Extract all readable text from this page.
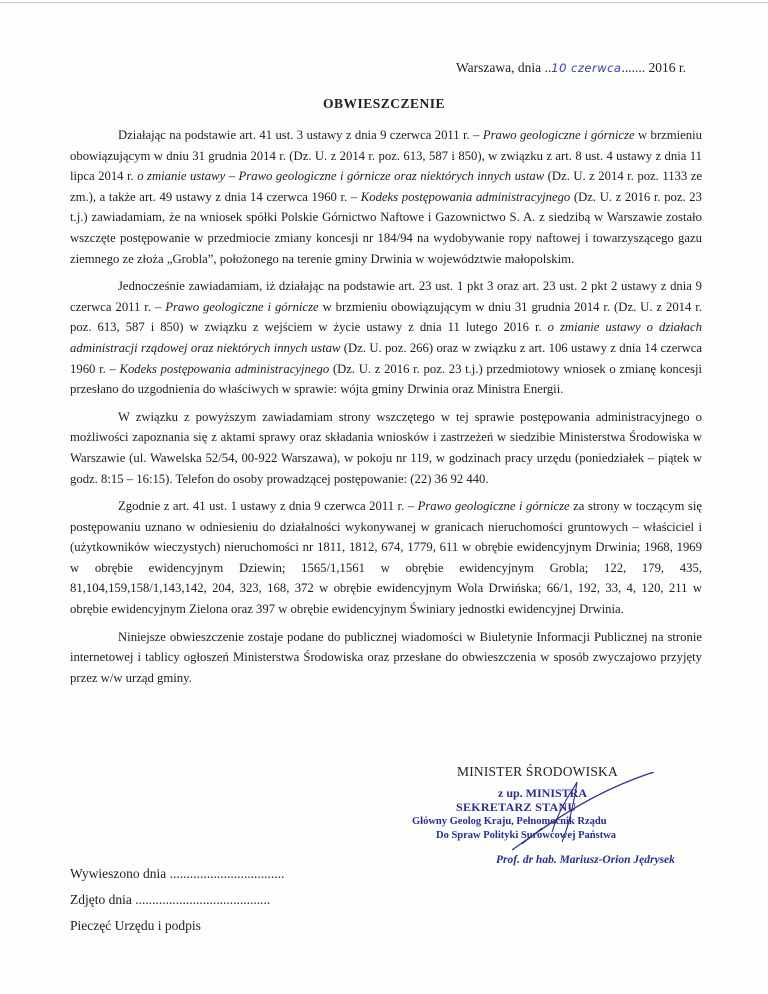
Warszawa, dnia ..10 czerwca....... 2016 r.
OBWIESZCZENIE

Działając na podstawie art. 41 ust. 3 ustawy z dnia 9 czerwca 2011 r. – Prawo geologiczne i górnicze w brzmieniu obowiązującym w dniu 31 grudnia 2014 r. (Dz. U. z 2014 r. poz. 613, 587 i 850), w związku z art. 8 ust. 4 ustawy z dnia 11 lipca 2014 r. o zmianie ustawy – Prawo geologiczne i górnicze oraz niektórych innych ustaw (Dz. U. z 2014 r. poz. 1133 ze zm.), a także art. 49 ustawy z dnia 14 czerwca 1960 r. – Kodeks postępowania administracyjnego (Dz. U. z 2016 r. poz. 23 t.j.) zawiadamiam, że na wniosek spółki Polskie Górnictwo Naftowe i Gazownictwo S. A. z siedzibą w Warszawie zostało wszczęte postępowanie w przedmiocie zmiany koncesji nr 184/94 na wydobywanie ropy naftowej i towarzyszącego gazu ziemnego ze złoża „Grobla”, położonego na terenie gminy Drwinia w województwie małopolskim.

Jednocześnie zawiadamiam, iż działając na podstawie art. 23 ust. 1 pkt 3 oraz art. 23 ust. 2 pkt 2 ustawy z dnia 9 czerwca 2011 r. – Prawo geologiczne i górnicze w brzmieniu obowiązującym w dniu 31 grudnia 2014 r. (Dz. U. z 2014 r. poz. 613, 587 i 850) w związku z wejściem w życie ustawy z dnia 11 lutego 2016 r. o zmianie ustawy o działach administracji rządowej oraz niektórych innych ustaw (Dz. U. poz. 266) oraz w związku z art. 106 ustawy z dnia 14 czerwca 1960 r. – Kodeks postępowania administracyjnego (Dz. U. z 2016 r. poz. 23 t.j.) przedmiotowy wniosek o zmianę koncesji przesłano do uzgodnienia do właściwych w sprawie: wójta gminy Drwinia oraz Ministra Energii.

W związku z powyższym zawiadamiam strony wszczętego w tej sprawie postępowania administracyjnego o możliwości zapoznania się z aktami sprawy oraz składania wniosków i zastrzeżeń w siedzibie Ministerstwa Środowiska w Warszawie (ul. Wawelska 52/54, 00-922 Warszawa), w pokoju nr 119, w godzinach pracy urzędu (poniedziałek – piątek w godz. 8:15 – 16:15). Telefon do osoby prowadzącej postępowanie: (22) 36 92 440.

Zgodnie z art. 41 ust. 1 ustawy z dnia 9 czerwca 2011 r. – Prawo geologiczne i górnicze za strony w toczącym się postępowaniu uznano w odniesieniu do działalności wykonywanej w granicach nieruchomości gruntowych – właściciel i (użytkowników wieczystych) nieruchomości nr 1811, 1812, 674, 1779, 611 w obrębie ewidencyjnym Drwinia; 1968, 1969 w obrębie ewidencyjnym Dziewin; 1565/1,1561 w obrębie ewidencyjnym Grobla; 122, 179, 435, 81,104,159,158/1,143,142, 204, 323, 168, 372 w obrębie ewidencyjnym Wola Drwińska; 66/1, 192, 33, 4, 120, 211 w obrębie ewidencyjnym Zielona oraz 397 w obrębie ewidencyjnym Świniary jednostki ewidencyjnej Drwinia.

Niniejsze obwieszczenie zostaje podane do publicznej wiadomości w Biuletynie Informacji Publicznej na stronie internetowej i tablicy ogłoszeń Ministerstwa Środowiska oraz przesłane do obwieszczenia w sposób zwyczajowo przyjęty przez w/w urząd gminy.

MINISTER ŚRODOWISKA
z up. MINISTRA
SEKRETARZ STANU
Główny Geolog Kraju, Pełnomocnik Rządu
Do Spraw Polityki Surowcowej Państwa
Prof. dr hab. Mariusz-Orion Jędrysek
Wywieszono dnia ..................................
Zdjęto dnia ........................................
Pieczęć Urzędu i podpis
